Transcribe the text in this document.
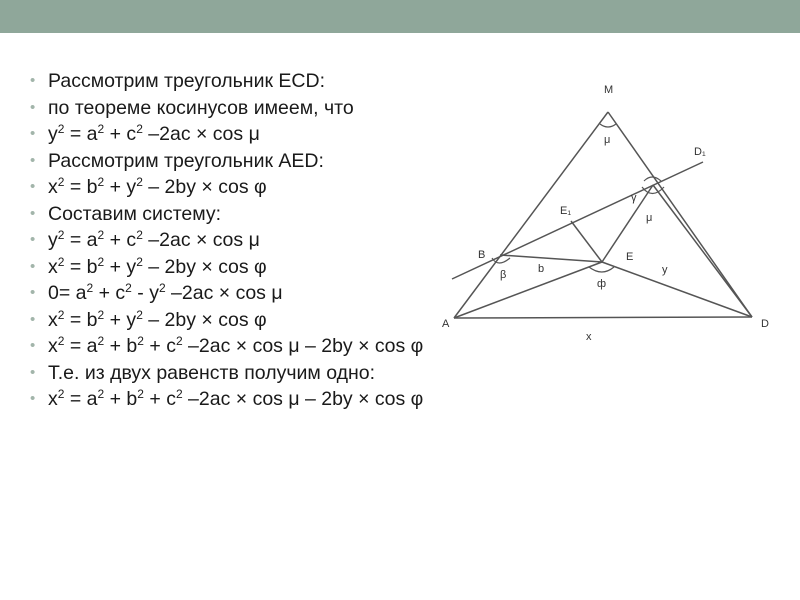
• Рассмотрим треугольник ECD:
• по теореме косинусов имеем, что
• $y^2 = a^2 + c^2$ –2ac × cos μ
• Рассмотрим треугольник AED:
• $x^2 = b^2 + y^2 - 2by \times \cos \varphi$
• Составим систему:
• $y^2 = a^2 + c^2$ –2ac × cos μ
• $x^2 = b^2 + y^2 - 2by \times \cos \varphi$
• $0= a^2 + c^2 - y^2$ –2ac × cos μ
• $x^2 = b^2 + y^2 - 2by \times \cos \varphi$
• $x^2 = a^2 + b^2 + c^2$ –2ac × cos μ – 2by × cos φ
• Т.е. из двух равенств получим одно:
• $x^2 = a^2 + b^2 + c^2$ –2ac × cos μ – 2by × cos φ
M
D₁
μ
γ
μ
E₁
E
B
β	b
ф
y
A	D
x
